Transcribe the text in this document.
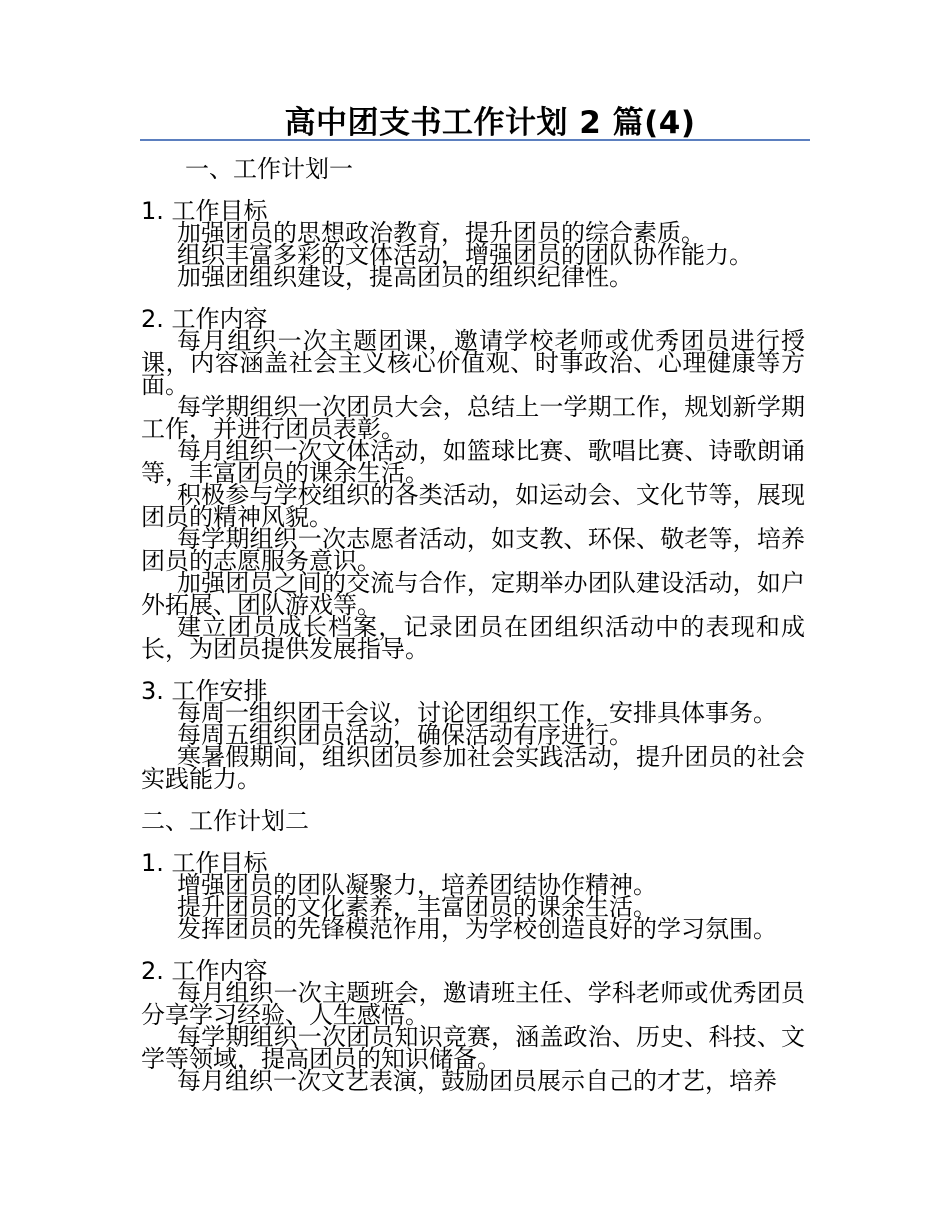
高中团支书工作计划 2 篇(4)

一、工作计划一

1. 工作目标

加强团员的思想政治教育，提升团员的综合素质。

组织丰富多彩的文体活动，增强团员的团队协作能力。

加强团组织建设，提高团员的组织纪律性。

2. 工作内容

每月组织一次主题团课，邀请学校老师或优秀团员进行授课，内容涵盖社会主义核心价值观、时事政治、心理健康等方面。

每学期组织一次团员大会，总结上一学期工作，规划新学期工作，并进行团员表彰。

每月组织一次文体活动，如篮球比赛、歌唱比赛、诗歌朗诵等，丰富团员的课余生活。

积极参与学校组织的各类活动，如运动会、文化节等，展现团员的精神风貌。

每学期组织一次志愿者活动，如支教、环保、敬老等，培养团员的志愿服务意识。

加强团员之间的交流与合作，定期举办团队建设活动，如户外拓展、团队游戏等。

建立团员成长档案，记录团员在团组织活动中的表现和成长，为团员提供发展指导。

3. 工作安排

每周一组织团干会议，讨论团组织工作，安排具体事务。

每周五组织团员活动，确保活动有序进行。

寒暑假期间，组织团员参加社会实践活动，提升团员的社会实践能力。

二、工作计划二

1. 工作目标

增强团员的团队凝聚力，培养团结协作精神。

提升团员的文化素养，丰富团员的课余生活。

发挥团员的先锋模范作用，为学校创造良好的学习氛围。

2. 工作内容

每月组织一次主题班会，邀请班主任、学科老师或优秀团员分享学习经验、人生感悟。

每学期组织一次团员知识竞赛，涵盖政治、历史、科技、文学等领域，提高团员的知识储备。

每月组织一次文艺表演，鼓励团员展示自己的才艺，培养
